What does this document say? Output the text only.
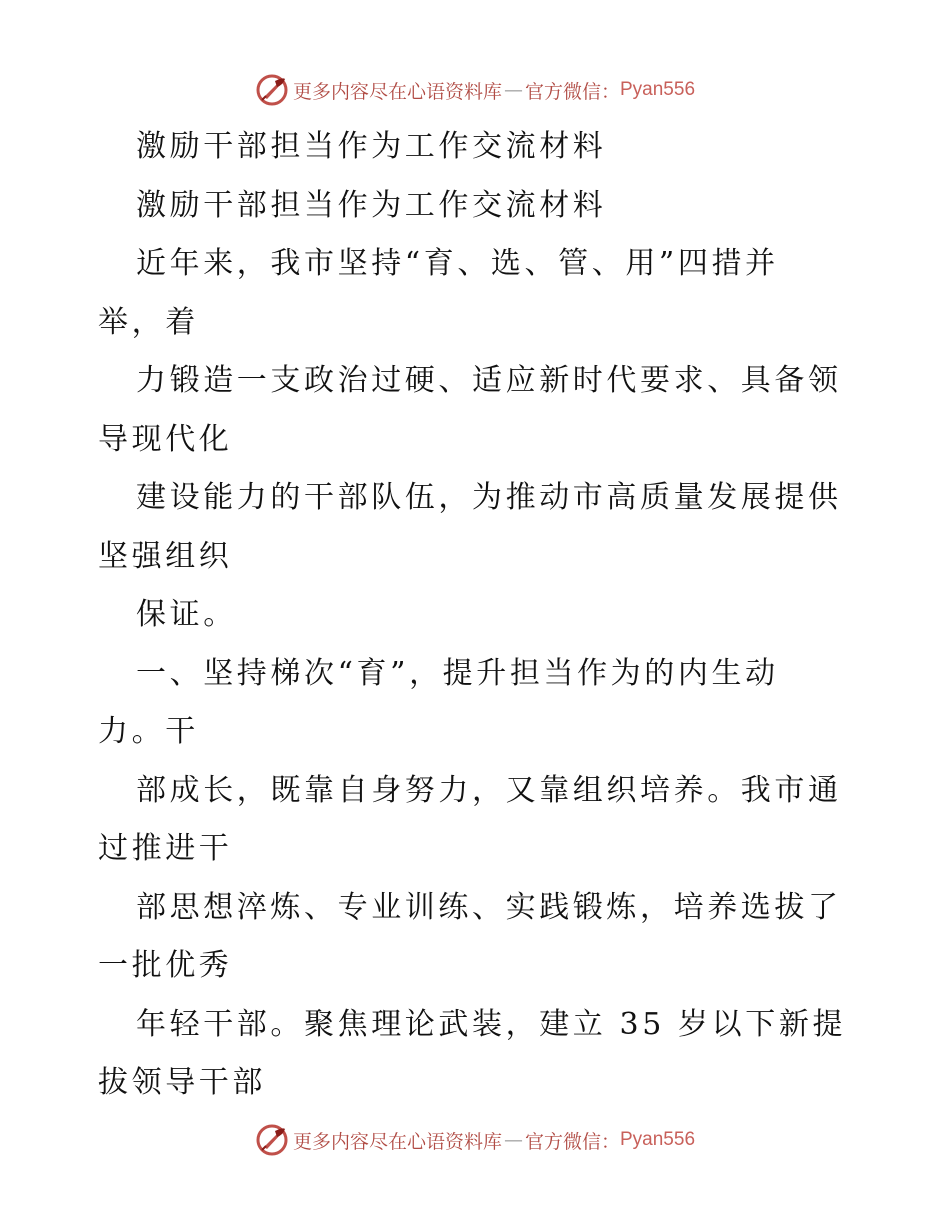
更多内容尽在心语资料库 — 官方微信： Pyan556
激励干部担当作为工作交流材料
激励干部担当作为工作交流材料
近年来，我市坚持“育、选、管、用”四措并
举，着
力锻造一支政治过硬、适应新时代要求、具备领
导现代化
建设能力的干部队伍，为推动市高质量发展提供
坚强组织
保证。
一、坚持梯次“育”，提升担当作为的内生动
力。干
部成长，既靠自身努力，又靠组织培养。我市通
过推进干
部思想淬炼、专业训练、实践锻炼，培养选拔了
一批优秀
年轻干部。聚焦理论武装，建立 35 岁以下新提
拔领导干部
更多内容尽在心语资料库 — 官方微信： Pyan556
